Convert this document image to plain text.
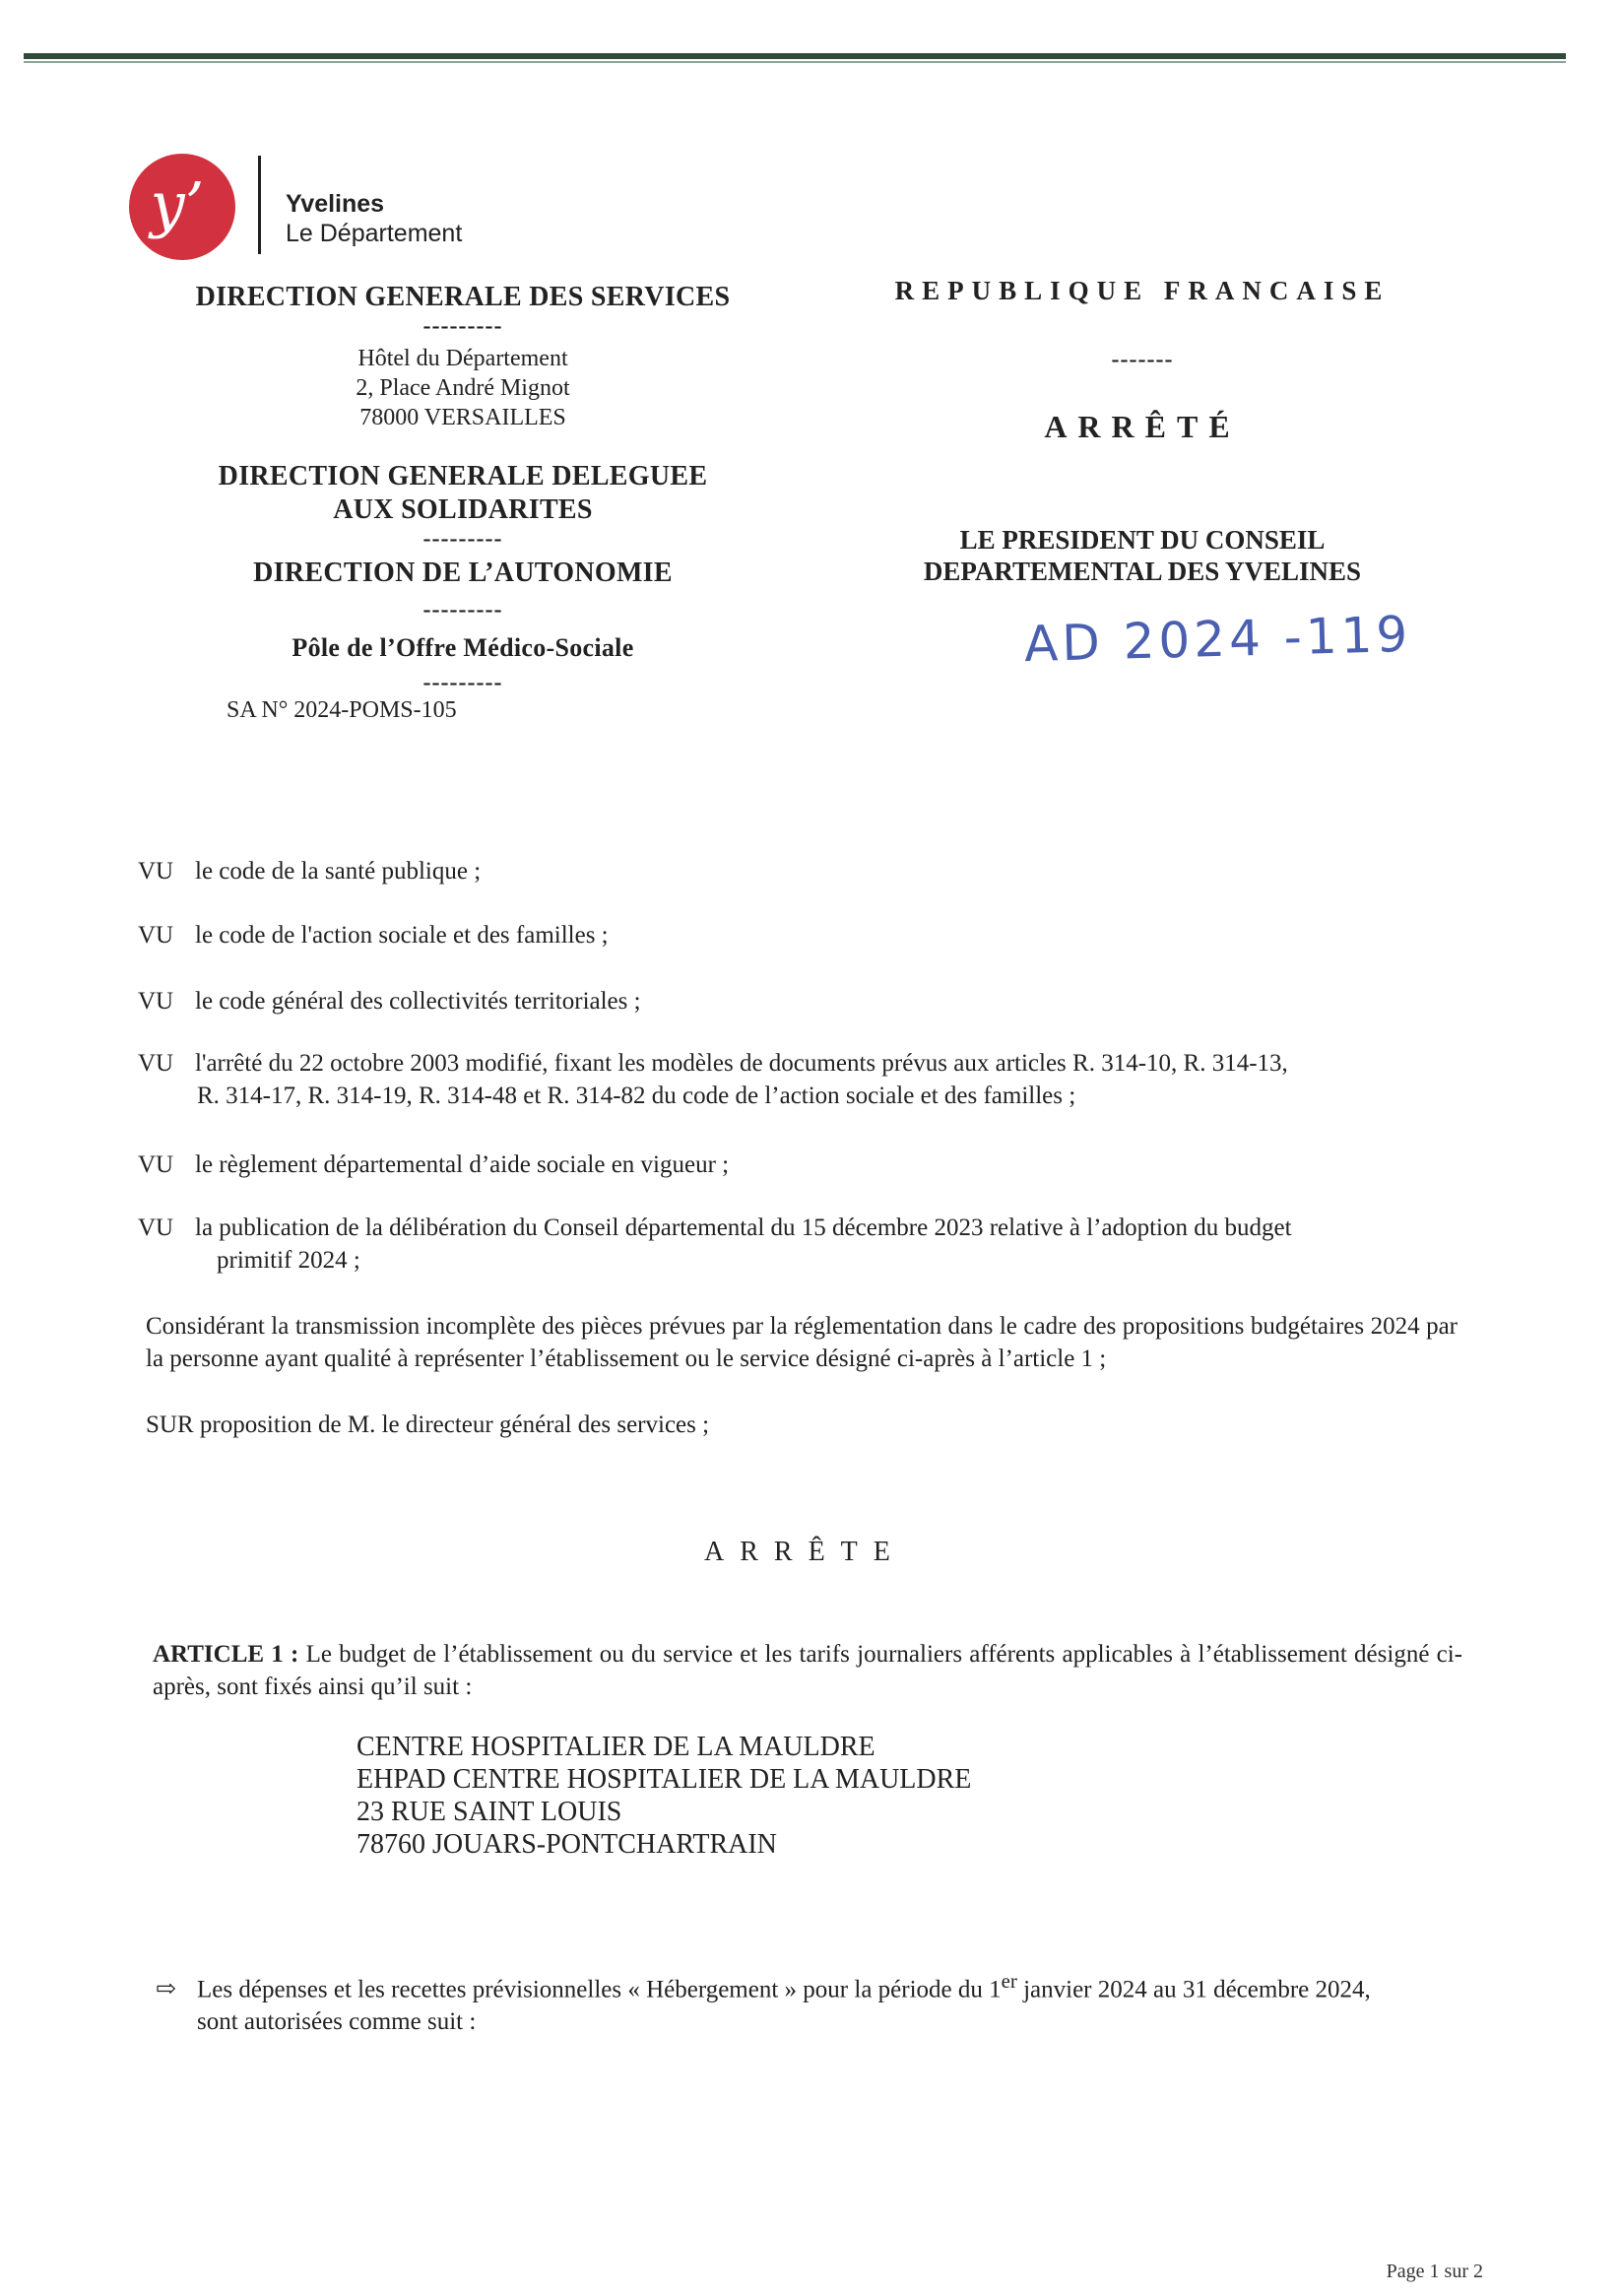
y’	Yvelines
Le Département
DIRECTION GENERALE DES SERVICES
---------
Hôtel du Département
2, Place André Mignot
78000 VERSAILLES
DIRECTION GENERALE DELEGUEE
AUX SOLIDARITES
---------
DIRECTION DE L’AUTONOMIE
---------
Pôle de l’Offre Médico-Sociale
---------
SA N° 2024-POMS-105
REPUBLIQUE FRANCAISE
-------
ARRÊTÉ
LE PRESIDENT DU CONSEIL
DEPARTEMENTAL DES YVELINES
AD 2024 -119
VU le code de la santé publique ;
VU le code de l'action sociale et des familles ;
VU le code général des collectivités territoriales ;
VU l'arrêté du 22 octobre 2003 modifié, fixant les modèles de documents prévus aux articles R. 314-10, R. 314-13,
R. 314-17, R. 314-19, R. 314-48 et R. 314-82 du code de l’action sociale et des familles ;
VU le règlement départemental d’aide sociale en vigueur ;
VU la publication de la délibération du Conseil départemental du 15 décembre 2023 relative à l’adoption du budget
primitif 2024 ;
Considérant la transmission incomplète des pièces prévues par la réglementation dans le cadre des propositions budgétaires 2024 par la personne ayant qualité à représenter l’établissement ou le service désigné ci-après à l’article 1 ;
SUR proposition de M. le directeur général des services ;
ARRÊTE
ARTICLE 1 : Le budget de l’établissement ou du service et les tarifs journaliers afférents applicables à l’établissement désigné ci-après, sont fixés ainsi qu’il suit :
CENTRE HOSPITALIER DE LA MAULDRE
EHPAD CENTRE HOSPITALIER DE LA MAULDRE
23 RUE SAINT LOUIS
78760 JOUARS-PONTCHARTRAIN
⇨ Les dépenses et les recettes prévisionnelles « Hébergement » pour la période du 1er janvier 2024 au 31 décembre 2024,
sont autorisées comme suit :
Page 1 sur 2
